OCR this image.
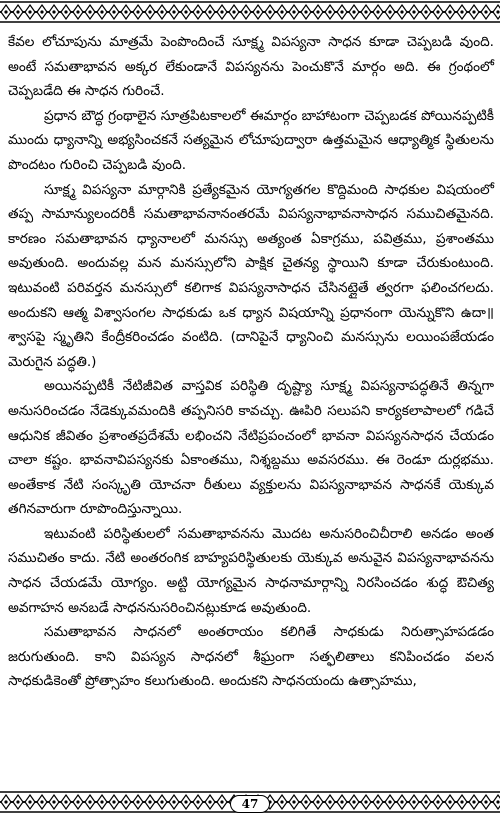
కేవల లోచూపును మాత్రమే పెంపొందించే సూక్ష్మ విపస్యనా సాధన కూడా చెప్పబడి వుంది. అంటే సమతాభావన అక్కర లేకుండానే విపస్యనను పెంచుకొనే మార్గం అది. ఈ గ్రంథంలో చెప్పబడేది ఈ సాధన గురించే.

ప్రధాన బౌద్ధ గ్రంథాలైన సూత్రపిటకాలలో ఈమార్గం బాహాటంగా చెప్పబడక పోయినప్పటికీ ముందు ధ్యానాన్ని అభ్యసించకనే సత్యమైన లోచూపుద్వారా ఉత్తమమైన ఆధ్యాత్మిక స్థితులను పొందటం గురించి చెప్పబడి వుంది.

సూక్ష్మ విపస్యనా మార్గానికి ప్రత్యేకమైన యోగ్యతగల కొద్దిమంది సాధకుల విషయంలో తప్ప సామాన్యులందరికీ సమతాభావనానంతరమే విపస్యనాభావనాసాధన సముచితమైనది. కారణం సమతాభావన ధ్యానాలలో మనస్సు అత్యంత ఏకాగ్రము, పవిత్రము, ప్రశాంతము అవుతుంది. అందువల్ల మన మనస్సులోని పాక్షిక చైతన్య స్థాయిని కూడా చేరుకుంటుంది. ఇటువంటి పరివర్తన మనస్సులో కలిగాక విపస్యనాసాధన చేసినట్లైతే త్వరగా ఫలించగలదు. అందుకని ఆత్మ విశ్వాసంగల సాధకుడు ఒక ధ్యాన విషయాన్ని ప్రధానంగా యెన్నుకొని ఉదా॥ శ్వాసపై స్మృతిని కేంద్రీకరించడం వంటిది. (దానిపైనే ధ్యానించి మనస్సును లయింపజేయడం మెరుగైన పద్ధతి.)

అయినప్పటికీ నేటిజీవిత వాస్తవిక పరిస్థితి దృష్ట్యా సూక్ష్మ విపస్యనాపద్ధతినే తిన్నగా అనుసరించడం నేడెక్కువమందికి తప్పనిసరి కావచ్చు. ఊపిరి సలుపని కార్యకలాపాలలో గడిచే ఆధునిక జీవితం ప్రశాంతప్రదేశమే లభించని నేటిప్రపంచంలో భావనా విపస్యనసాధన చేయడం చాలా కష్టం. భావనావిపస్యనకు ఏకాంతము, నిశ్శబ్దము అవసరము. ఈ రెండూ దుర్లభము. అంతేకాక నేటి సంస్కృతి యోచనా రీతులు వ్యక్తులను విపస్యనాభావన సాధనకే యెక్కువ తగినవారుగా రూపొందిస్తున్నాయి.

ఇటువంటి పరిస్థితులలో సమతాభావనను మొదట అనుసరించిచీరాలి అనడం అంత సముచితం కాదు. నేటి అంతరంగిక బాహ్యపరిస్థితులకు యెక్కువ అనువైన విపస్యనాభావనను సాధన చేయడమే యోగ్యం. అట్టి యోగ్యమైన సాధనామార్గాన్ని నిరసించడం శుద్ధ ఔచిత్య అవగాహన అనబడే సాధననుసరించినట్లుకూడ అవుతుంది.

సమతాభావన సాధనలో అంతరాయం కలిగితే సాధకుడు నిరుత్సాహపడడం జరుగుతుంది. కాని విపస్యన సాధనలో శీఘ్రంగా సత్ఫలితాలు కనిపించడం వలన సాధకుడికెంతో ప్రోత్సాహం కలుగుతుంది. అందుకని సాధనయందు ఉత్సాహము,

47
